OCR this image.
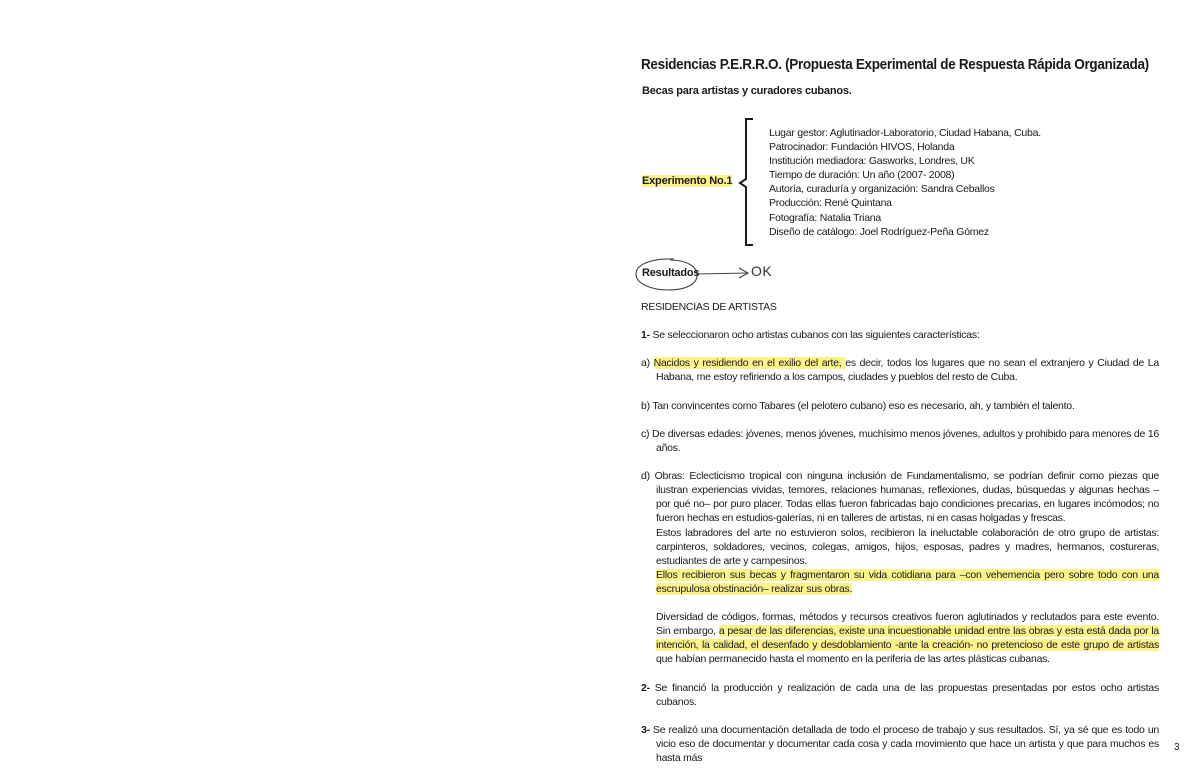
Residencias P.E.R.R.O. (Propuesta Experimental de Respuesta Rápida Organizada)
Becas para artistas y curadores cubanos.
Experimento No.1
Lugar gestor: Aglutinador-Laboratorio, Ciudad Habana, Cuba.
Patrocinador: Fundación HIVOS, Holanda
Institución mediadora: Gasworks, Londres, UK
Tiempo de duración: Un año (2007- 2008)
Autoría, curaduría y organización: Sandra Ceballos
Producción: René Quintana
Fotografía: Natalia Triana
Diseño de catálogo: Joel Rodríguez-Peña Gómez
Resultados	OK

RESIDENCIAS DE ARTISTAS

1- Se seleccionaron ocho artistas cubanos con las siguientes características:

a) Nacidos y residiendo en el exilio del arte, es decir, todos los lugares que no sean el extranjero y Ciudad de La Habana, me estoy refiriendo a los campos, ciudades y pueblos del resto de Cuba.

b) Tan convincentes como Tabares (el pelotero cubano) eso es necesario, ah, y también el talento.

c) De diversas edades: jóvenes, menos jóvenes, muchísimo menos jóvenes, adultos y prohibido para menores de 16 años.

d) Obras: Eclecticismo tropical con ninguna inclusión de Fundamentalismo, se podrían definir como piezas que ilustran experiencias vividas, temores, relaciones humanas, reflexiones, dudas, búsquedas y algunas hechas –por qué no– por puro placer. Todas ellas fueron fabricadas bajo condiciones precarias, en lugares incómodos; no fueron hechas en estudios-galerías, ni en talleres de artistas, ni en casas holgadas y frescas.
Estos labradores del arte no estuvieron solos, recibieron la ineluctable colaboración de otro grupo de artistas: carpinteros, soldadores, vecinos, colegas, amigos, hijos, esposas, padres y madres, hermanos, costureras, estudiantes de arte y campesinos.
Ellos recibieron sus becas y fragmentaron su vida cotidiana para –con vehemencia pero sobre todo con una escrupulosa obstinación– realizar sus obras.

Diversidad de códigos, formas, métodos y recursos creativos fueron aglutinados y reclutados para este evento. Sin embargo, a pesar de las diferencias, existe una incuestionable unidad entre las obras y esta está dada por la intención, la calidad, el desenfado y desdoblamiento -ante la creación- no pretencioso de este grupo de artistas que habían permanecido hasta el momento en la periferia de las artes plásticas cubanas.

2- Se financió la producción y realización de cada una de las propuestas presentadas por estos ocho artistas cubanos.

3- Se realizó una documentación detallada de todo el proceso de trabajo y sus resultados. Sí, ya sé que es todo un vicio eso de documentar y documentar cada cosa y cada movimiento que hace un artista y que para muchos es hasta más

3
